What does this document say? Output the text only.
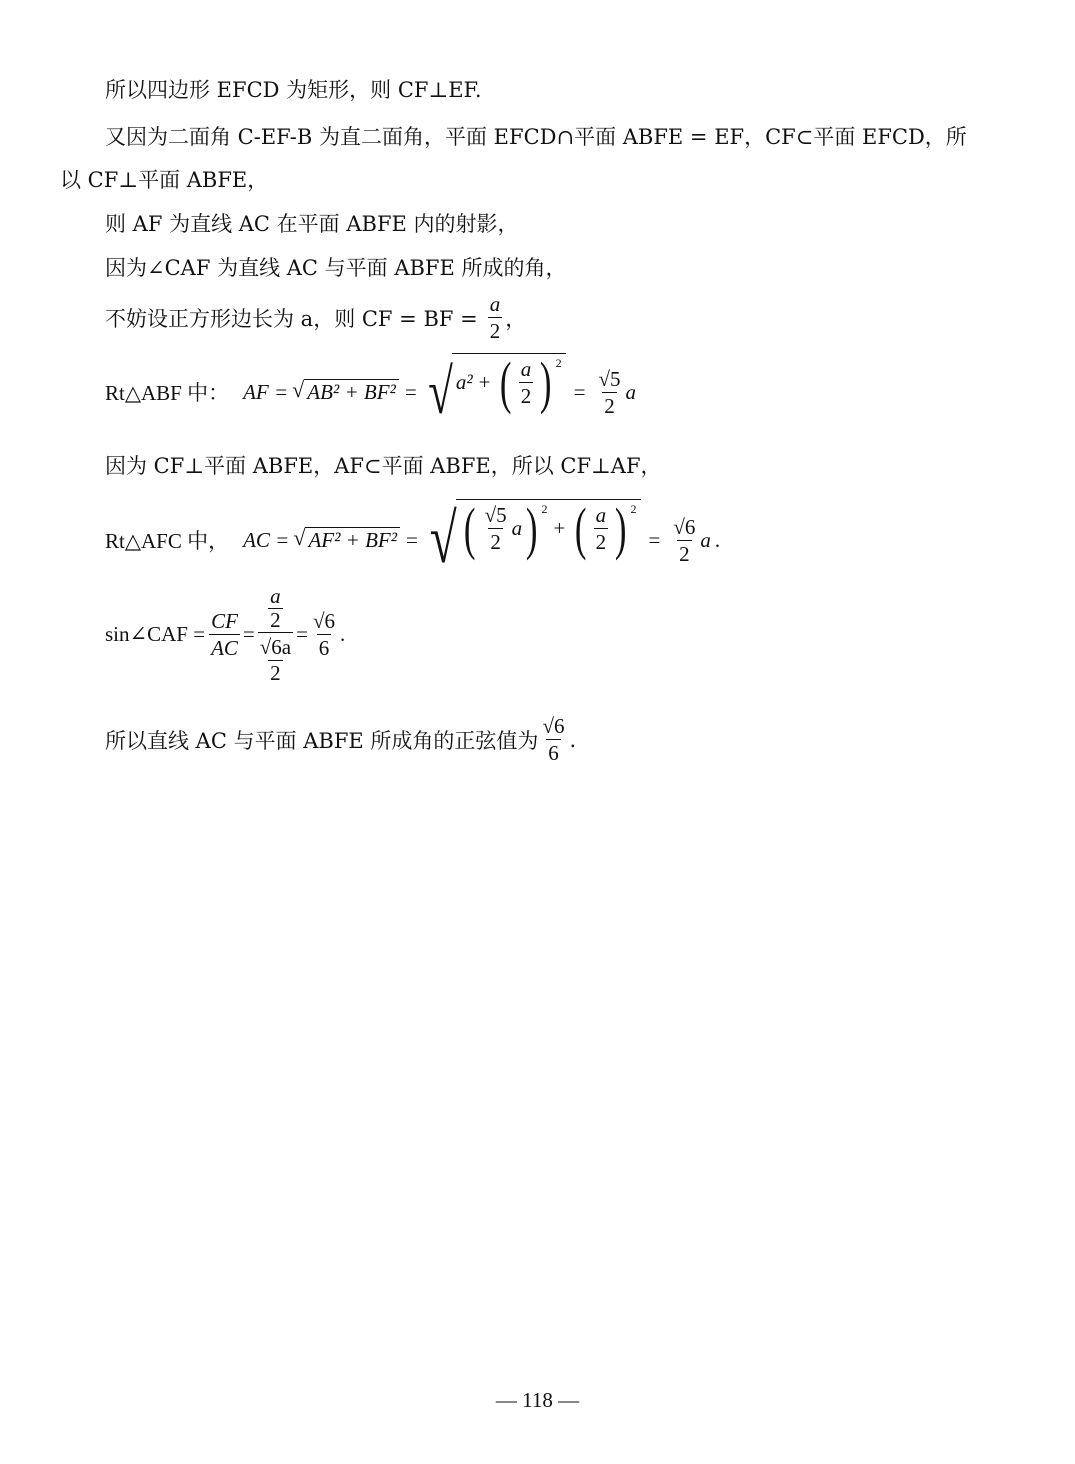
所以四边形 EFCD 为矩形，则 CF⊥EF.
又因为二面角 C-EF-B 为直二面角，平面 EFCD∩平面 ABFE = EF，CF⊂平面 EFCD，所
以 CF⊥平面 ABFE，
则 AF 为直线 AC 在平面 ABFE 内的射影，
因为∠CAF 为直线 AC 与平面 ABFE 所成的角，
不妨设正方形边长为 a，则 CF = BF = $\frac{a}{2}$ ，
Rt△ABF 中： AF = √ AB² + BF² = √ a² + ( $\frac{a}{2}$ ) $^2$
= $\frac{√5}{2}$ a
因为 CF⊥平面 ABFE，AF⊂平面 ABFE，所以 CF⊥AF，
Rt△AFC 中， AC = √ AF² + BF² = √ ( $\frac{√5}{2}$ a ) $^2$
+ ( $\frac{a}{2}$ ) $^2$
= $\frac{√6}{2}$ a .
sin∠CAF = $\frac{CF}{AC} = a$
2
√6a
$2 = \frac{√6}{6}$ .
所以直线 AC 与平面 ABFE 所成角的正弦值为 $\frac{√6}{6}$ .
— 118 —
